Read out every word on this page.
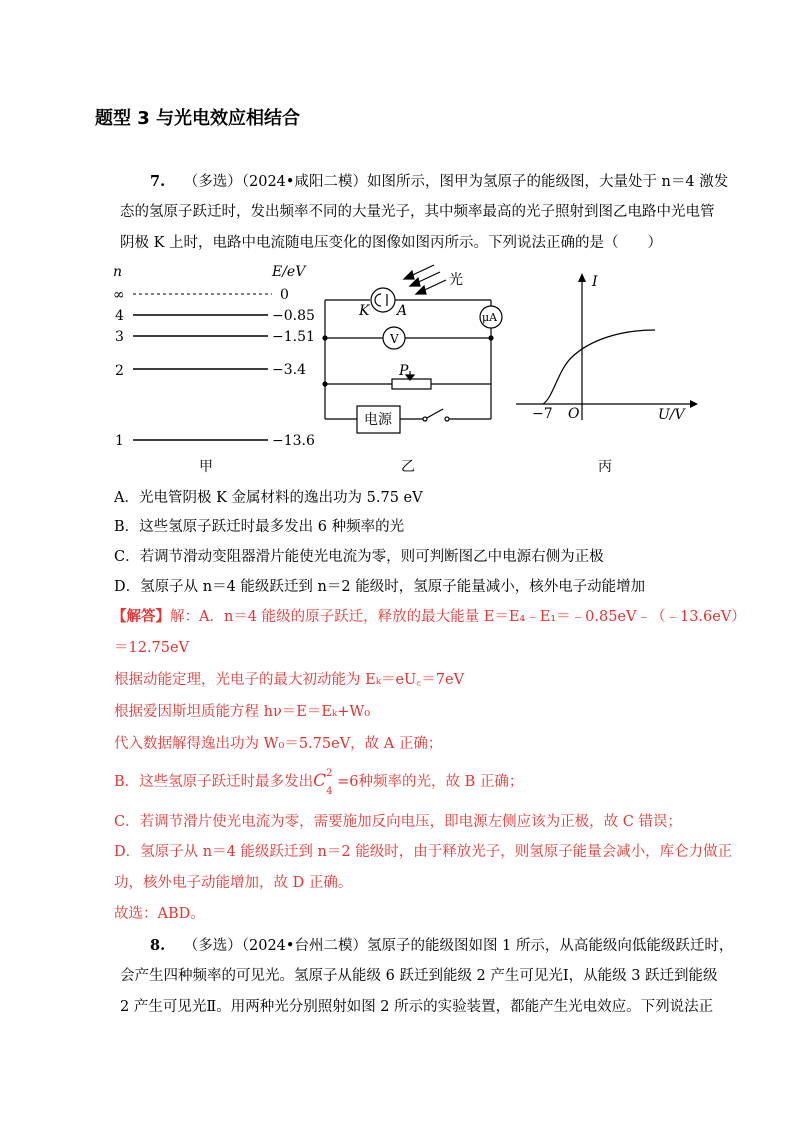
题型 3 与光电效应相结合
7. （多选）（2024•咸阳二模）如图所示，图甲为氢原子的能级图，大量处于 n＝4 激发
态的氢原子跃迁时，发出频率不同的大量光子，其中频率最高的光子照射到图乙电路中光电管
阴极 K 上时，电路中电流随电压变化的图像如图丙所示。下列说法正确的是（　　）
n	E/eV
∞	0
4	−0.85
3	−1.51
2	−3.4
1	−13.6
甲
光
K A	μA
V
P
电源
乙
I
U/V
O
−7
丙
A．光电管阴极 K 金属材料的逸出功为 5.75 eV
B．这些氢原子跃迁时最多发出 6 种频率的光
C．若调节滑动变阻器滑片能使光电流为零，则可判断图乙中电源右侧为正极
D．氢原子从 n＝4 能级跃迁到 n＝2 能级时，氢原子能量减小，核外电子动能增加
【解答】解：A．n＝4 能级的原子跃迁，释放的最大能量 E＝E₄﹣E₁＝﹣0.85eV﹣（﹣13.6eV）
＝12.75eV
根据动能定理，光电子的最大初动能为 Eₖ＝eU꜀＝7eV
根据爱因斯坦质能方程 hν＝E＝Eₖ+W₀
代入数据解得逸出功为 W₀＝5.75eV，故 A 正确；
B．这些氢原子跃迁时最多发出 C 2
4
=6种频率的光，故 B 正确；
C．若调节滑片使光电流为零，需要施加反向电压，即电源左侧应该为正极，故 C 错误；
D．氢原子从 n＝4 能级跃迁到 n＝2 能级时，由于释放光子，则氢原子能量会减小，库仑力做正
功，核外电子动能增加，故 D 正确。
故选：ABD。
8. （多选）（2024•台州二模）氢原子的能级图如图 1 所示，从高能级向低能级跃迁时，
会产生四种频率的可见光。氢原子从能级 6 跃迁到能级 2 产生可见光Ⅰ，从能级 3 跃迁到能级
2 产生可见光Ⅱ。用两种光分别照射如图 2 所示的实验装置，都能产生光电效应。下列说法正
